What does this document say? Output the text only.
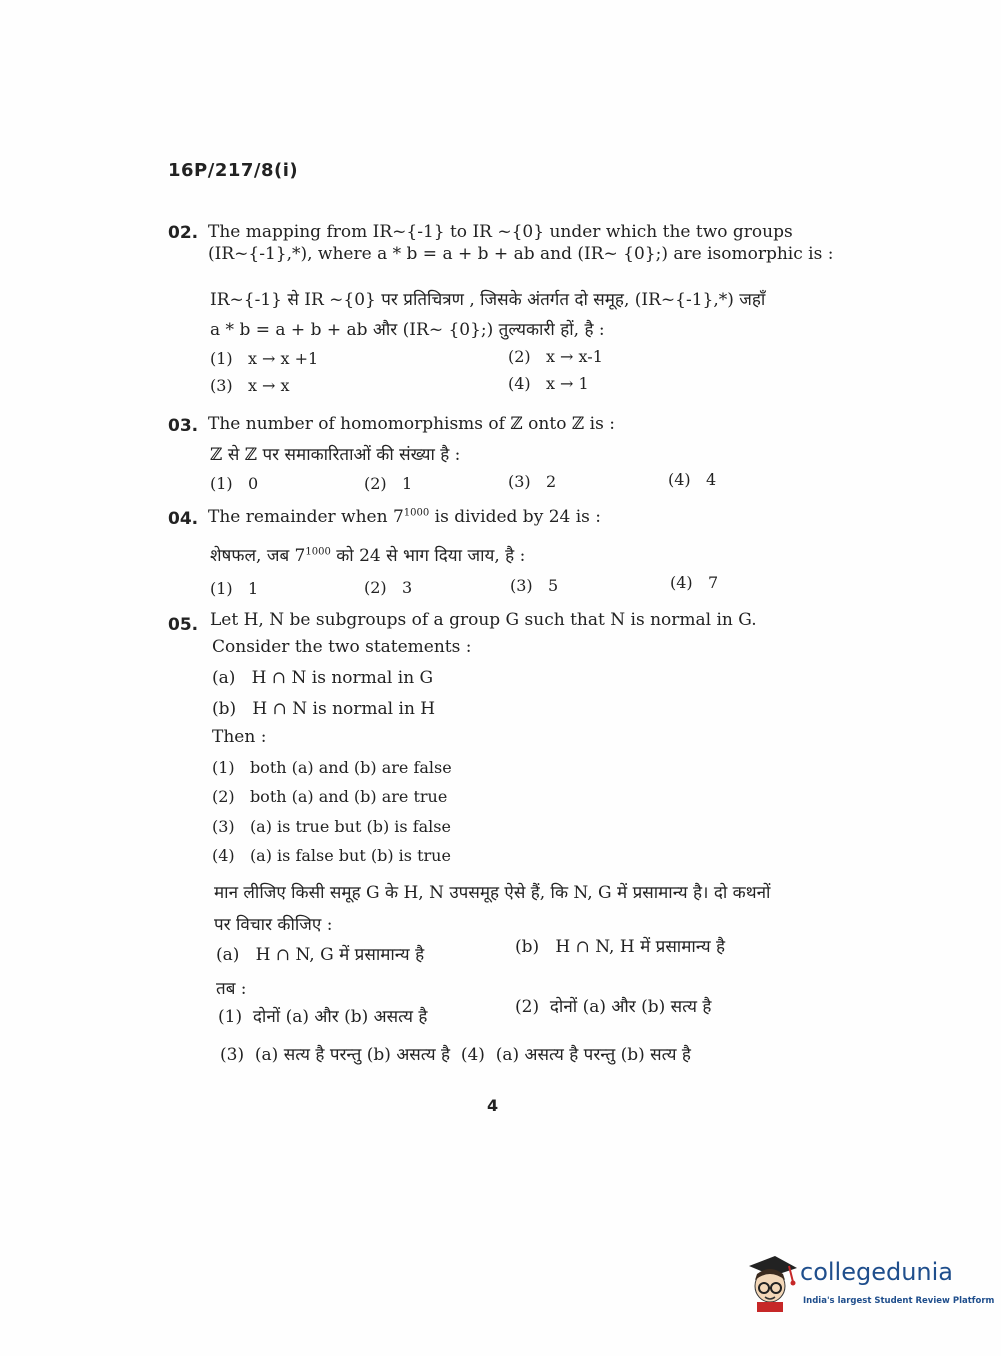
16P/217/8(i)
02. The mapping from IR~{-1} to IR ~{0} under which the two groups
(IR~{-1},*), where a * b = a + b + ab and (IR~ {0};) are isomorphic is :
IR~{-1} से IR ~{0} पर प्रतिचित्रण , जिसके अंतर्गत दो समूह, (IR~{-1},*) जहाँ
a * b = a + b + ab और (IR~ {0};) तुल्यकारी हों, है :
(1) x → x +1	(2) x → x-1
(3) x → x	(4) x → 1
03. The number of homomorphisms of ℤ onto ℤ is :
ℤ से ℤ पर समाकारिताओं की संख्या है :
(1) 0	(2) 1	(3) 2	(4) 4
04. The remainder when $7^{1000}$ is divided by 24 is :
शेषफल, जब $7^{1000}$ को 24 से भाग दिया जाय, है :
(1) 1	(2) 3	(3) 5	(4) 7
05. Let H, N be subgroups of a group G such that N is normal in G.
Consider the two statements :
(a) H ∩ N is normal in G
(b) H ∩ N is normal in H
Then :
(1) both (a) and (b) are false
(2) both (a) and (b) are true
(3) (a) is true but (b) is false
(4) (a) is false but (b) is true
मान लीजिए किसी समूह G के H, N उपसमूह ऐसे हैं, कि N, G में प्रसामान्य है। दो कथनों
पर विचार कीजिए :
(a) H ∩ N, G में प्रसामान्य है	(b) H ∩ N, H में प्रसामान्य है
तब :
(1) दोनों (a) और (b) असत्य है	(2) दोनों (a) और (b) सत्य है
(3) (a) सत्य है परन्तु (b) असत्य है (4) (a) असत्य है परन्तु (b) सत्य है
4
collegedunia
India's largest Student Review Platform
